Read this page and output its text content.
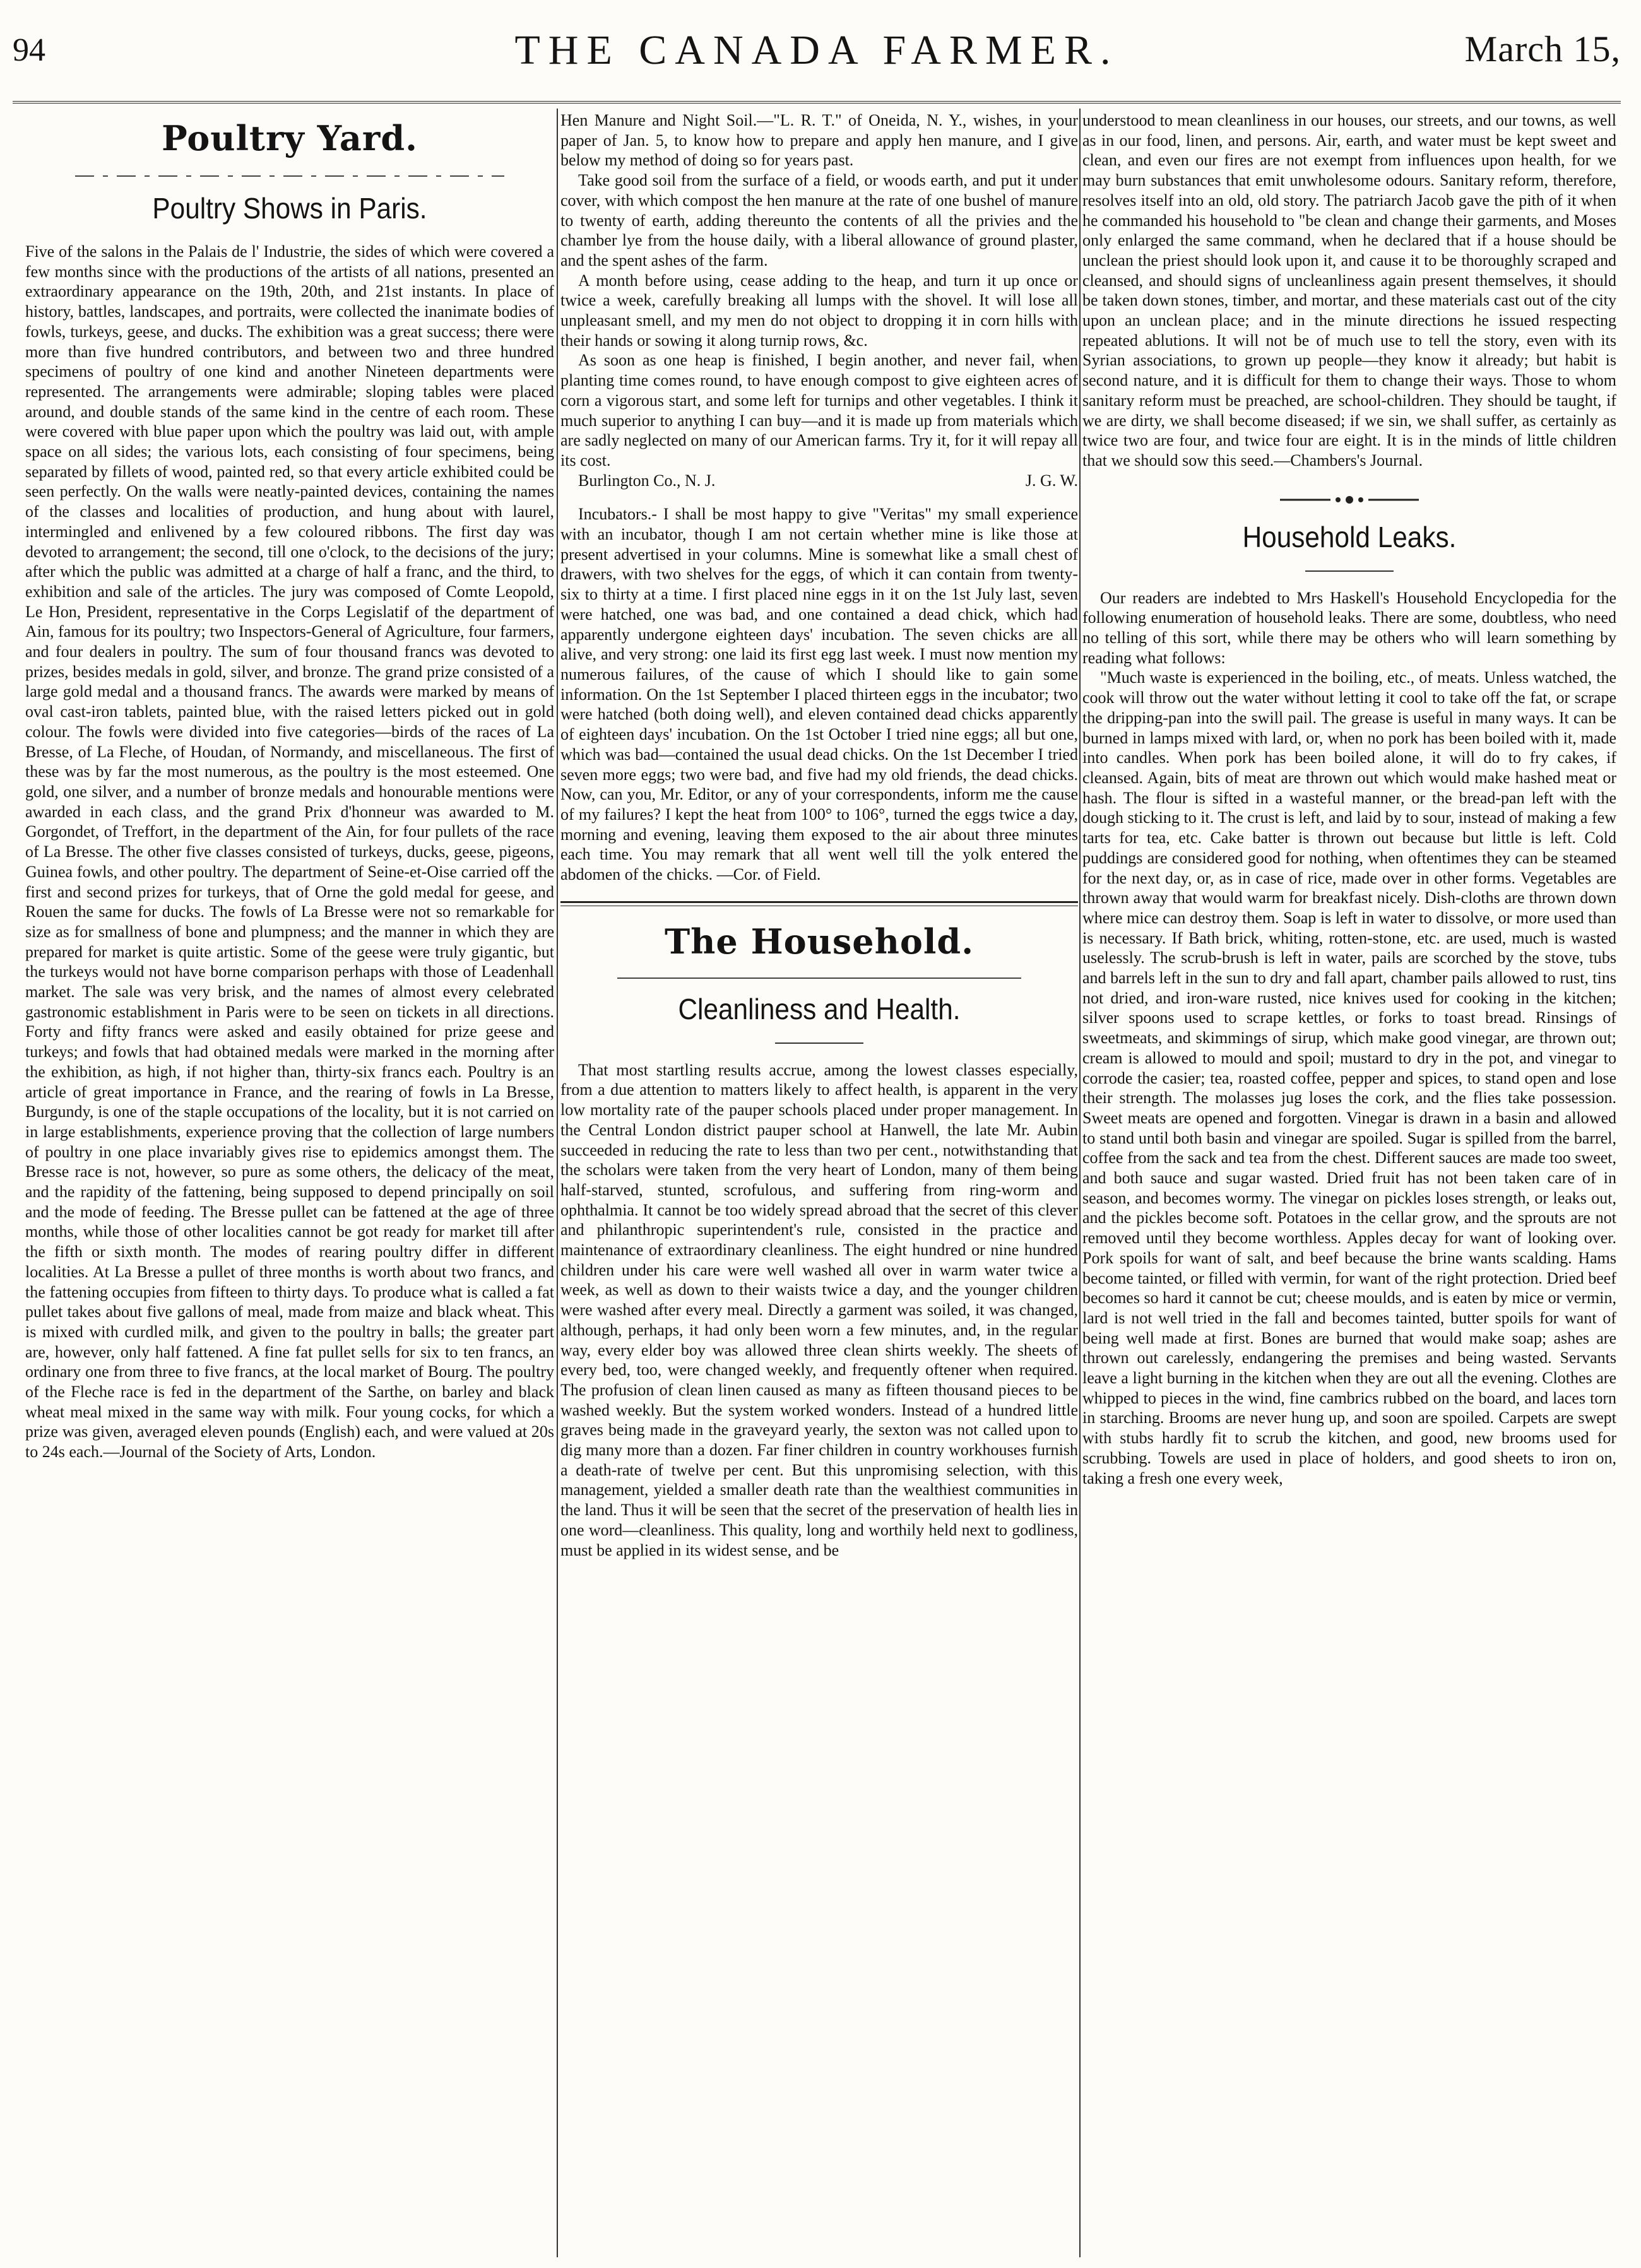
94	THE CANADA FARMER.	March 15,
Poultry Yard.
Poultry Shows in Paris.

Five of the salons in the Palais de l' Industrie, the sides of which were covered a few months since with the productions of the artists of all nations, presented an extraordinary appearance on the 19th, 20th, and 21st instants. In place of history, battles, landscapes, and portraits, were collected the inanimate bodies of fowls, turkeys, geese, and ducks. The exhibition was a great success; there were more than five hundred contributors, and between two and three hundred specimens of poultry of one kind and another Nineteen departments were represented. The arrangements were admirable; sloping tables were placed around, and double stands of the same kind in the centre of each room. These were covered with blue paper upon which the poultry was laid out, with ample space on all sides; the various lots, each consisting of four specimens, being separated by fillets of wood, painted red, so that every article exhibited could be seen perfectly. On the walls were neatly-painted devices, containing the names of the classes and localities of production, and hung about with laurel, intermingled and enlivened by a few coloured ribbons. The first day was devoted to arrangement; the second, till one o'clock, to the decisions of the jury; after which the public was admitted at a charge of half a franc, and the third, to exhibition and sale of the articles. The jury was composed of Comte Leopold, Le Hon, President, representative in the Corps Legislatif of the department of Ain, famous for its poultry; two Inspectors-General of Agriculture, four farmers, and four dealers in poultry. The sum of four thousand francs was devoted to prizes, besides medals in gold, silver, and bronze. The grand prize consisted of a large gold medal and a thousand francs. The awards were marked by means of oval cast-iron tablets, painted blue, with the raised letters picked out in gold colour. The fowls were divided into five categories—birds of the races of La Bresse, of La Fleche, of Houdan, of Normandy, and miscellaneous. The first of these was by far the most numerous, as the poultry is the most esteemed. One gold, one silver, and a number of bronze medals and honourable mentions were awarded in each class, and the grand Prix d'honneur was awarded to M. Gorgondet, of Treffort, in the department of the Ain, for four pullets of the race of La Bresse. The other five classes consisted of turkeys, ducks, geese, pigeons, Guinea fowls, and other poultry. The department of Seine-et-Oise carried off the first and second prizes for turkeys, that of Orne the gold medal for geese, and Rouen the same for ducks. The fowls of La Bresse were not so remarkable for size as for smallness of bone and plumpness; and the manner in which they are prepared for market is quite artistic. Some of the geese were truly gigantic, but the turkeys would not have borne comparison perhaps with those of Leadenhall market. The sale was very brisk, and the names of almost every celebrated gastronomic establishment in Paris were to be seen on tickets in all directions. Forty and fifty francs were asked and easily obtained for prize geese and turkeys; and fowls that had obtained medals were marked in the morning after the exhibition, as high, if not higher than, thirty-six francs each. Poultry is an article of great importance in France, and the rearing of fowls in La Bresse, Burgundy, is one of the staple occupations of the locality, but it is not carried on in large establishments, experience proving that the collection of large numbers of poultry in one place invariably gives rise to epidemics amongst them. The Bresse race is not, however, so pure as some others, the delicacy of the meat, and the rapidity of the fattening, being supposed to depend principally on soil and the mode of feeding. The Bresse pullet can be fattened at the age of three months, while those of other localities cannot be got ready for market till after the fifth or sixth month. The modes of rearing poultry differ in different localities. At La Bresse a pullet of three months is worth about two francs, and the fattening occupies from fifteen to thirty days. To produce what is called a fat pullet takes about five gallons of meal, made from maize and black wheat. This is mixed with curdled milk, and given to the poultry in balls; the greater part are, however, only half fattened. A fine fat pullet sells for six to ten francs, an ordinary one from three to five francs, at the local market of Bourg. The poultry of the Fleche race is fed in the department of the Sarthe, on barley and black wheat meal mixed in the same way with milk. Four young cocks, for which a prize was given, averaged eleven pounds (English) each, and were valued at 20s to 24s each.—Journal of the Society of Arts, London.

Hen Manure and Night Soil.—"L. R. T." of Oneida, N. Y., wishes, in your paper of Jan. 5, to know how to prepare and apply hen manure, and I give below my method of doing so for years past.

Take good soil from the surface of a field, or woods earth, and put it under cover, with which compost the hen manure at the rate of one bushel of manure to twenty of earth, adding thereunto the contents of all the privies and the chamber lye from the house daily, with a liberal allowance of ground plaster, and the spent ashes of the farm.

A month before using, cease adding to the heap, and turn it up once or twice a week, carefully breaking all lumps with the shovel. It will lose all unpleasant smell, and my men do not object to dropping it in corn hills with their hands or sowing it along turnip rows, &c.

As soon as one heap is finished, I begin another, and never fail, when planting time comes round, to have enough compost to give eighteen acres of corn a vigorous start, and some left for turnips and other vegetables. I think it much superior to anything I can buy—and it is made up from materials which are sadly neglected on many of our American farms. Try it, for it will repay all its cost.

Burlington Co., N. J.	J. G. W.

Incubators.- I shall be most happy to give "Veritas" my small experience with an incubator, though I am not certain whether mine is like those at present advertised in your columns. Mine is somewhat like a small chest of drawers, with two shelves for the eggs, of which it can contain from twenty-six to thirty at a time. I first placed nine eggs in it on the 1st July last, seven were hatched, one was bad, and one contained a dead chick, which had apparently undergone eighteen days' incubation. The seven chicks are all alive, and very strong: one laid its first egg last week. I must now mention my numerous failures, of the cause of which I should like to gain some information. On the 1st September I placed thirteen eggs in the incubator; two were hatched (both doing well), and eleven contained dead chicks apparently of eighteen days' incubation. On the 1st October I tried nine eggs; all but one, which was bad—contained the usual dead chicks. On the 1st December I tried seven more eggs; two were bad, and five had my old friends, the dead chicks. Now, can you, Mr. Editor, or any of your correspondents, inform me the cause of my failures? I kept the heat from 100° to 106°, turned the eggs twice a day, morning and evening, leaving them exposed to the air about three minutes each time. You may remark that all went well till the yolk entered the abdomen of the chicks. —Cor. of Field.

The Household.
Cleanliness and Health.

That most startling results accrue, among the lowest classes especially, from a due attention to matters likely to affect health, is apparent in the very low mortality rate of the pauper schools placed under proper management. In the Central London district pauper school at Hanwell, the late Mr. Aubin succeeded in reducing the rate to less than two per cent., notwithstanding that the scholars were taken from the very heart of London, many of them being half-starved, stunted, scrofulous, and suffering from ring-worm and ophthalmia. It cannot be too widely spread abroad that the secret of this clever and philanthropic superintendent's rule, consisted in the practice and maintenance of extraordinary cleanliness. The eight hundred or nine hundred children under his care were well washed all over in warm water twice a week, as well as down to their waists twice a day, and the younger children were washed after every meal. Directly a garment was soiled, it was changed, although, perhaps, it had only been worn a few minutes, and, in the regular way, every elder boy was allowed three clean shirts weekly. The sheets of every bed, too, were changed weekly, and frequently oftener when required. The profusion of clean linen caused as many as fifteen thousand pieces to be washed weekly. But the system worked wonders. Instead of a hundred little graves being made in the graveyard yearly, the sexton was not called upon to dig many more than a dozen. Far finer children in country workhouses furnish a death-rate of twelve per cent. But this unpromising selection, with this management, yielded a smaller death rate than the wealthiest communities in the land. Thus it will be seen that the secret of the preservation of health lies in one word—cleanliness. This quality, long and worthily held next to godliness, must be applied in its widest sense, and be

understood to mean cleanliness in our houses, our streets, and our towns, as well as in our food, linen, and persons. Air, earth, and water must be kept sweet and clean, and even our fires are not exempt from influences upon health, for we may burn substances that emit unwholesome odours. Sanitary reform, therefore, resolves itself into an old, old story. The patriarch Jacob gave the pith of it when he commanded his household to "be clean and change their garments, and Moses only enlarged the same command, when he declared that if a house should be unclean the priest should look upon it, and cause it to be thoroughly scraped and cleansed, and should signs of uncleanliness again present themselves, it should be taken down stones, timber, and mortar, and these materials cast out of the city upon an unclean place; and in the minute directions he issued respecting repeated ablutions. It will not be of much use to tell the story, even with its Syrian associations, to grown up people—they know it already; but habit is second nature, and it is difficult for them to change their ways. Those to whom sanitary reform must be preached, are school-children. They should be taught, if we are dirty, we shall become diseased; if we sin, we shall suffer, as certainly as twice two are four, and twice four are eight. It is in the minds of little children that we should sow this seed.—Chambers's Journal.

Household Leaks.

Our readers are indebted to Mrs Haskell's Household Encyclopedia for the following enumeration of household leaks. There are some, doubtless, who need no telling of this sort, while there may be others who will learn something by reading what follows:

"Much waste is experienced in the boiling, etc., of meats. Unless watched, the cook will throw out the water without letting it cool to take off the fat, or scrape the dripping-pan into the swill pail. The grease is useful in many ways. It can be burned in lamps mixed with lard, or, when no pork has been boiled with it, made into candles. When pork has been boiled alone, it will do to fry cakes, if cleansed. Again, bits of meat are thrown out which would make hashed meat or hash. The flour is sifted in a wasteful manner, or the bread-pan left with the dough sticking to it. The crust is left, and laid by to sour, instead of making a few tarts for tea, etc. Cake batter is thrown out because but little is left. Cold puddings are considered good for nothing, when oftentimes they can be steamed for the next day, or, as in case of rice, made over in other forms. Vegetables are thrown away that would warm for breakfast nicely. Dish-cloths are thrown down where mice can destroy them. Soap is left in water to dissolve, or more used than is necessary. If Bath brick, whiting, rotten-stone, etc. are used, much is wasted uselessly. The scrub-brush is left in water, pails are scorched by the stove, tubs and barrels left in the sun to dry and fall apart, chamber pails allowed to rust, tins not dried, and iron-ware rusted, nice knives used for cooking in the kitchen; silver spoons used to scrape kettles, or forks to toast bread. Rinsings of sweetmeats, and skimmings of sirup, which make good vinegar, are thrown out; cream is allowed to mould and spoil; mustard to dry in the pot, and vinegar to corrode the casier; tea, roasted coffee, pepper and spices, to stand open and lose their strength. The molasses jug loses the cork, and the flies take possession. Sweet meats are opened and forgotten. Vinegar is drawn in a basin and allowed to stand until both basin and vinegar are spoiled. Sugar is spilled from the barrel, coffee from the sack and tea from the chest. Different sauces are made too sweet, and both sauce and sugar wasted. Dried fruit has not been taken care of in season, and becomes wormy. The vinegar on pickles loses strength, or leaks out, and the pickles become soft. Potatoes in the cellar grow, and the sprouts are not removed until they become worthless. Apples decay for want of looking over. Pork spoils for want of salt, and beef because the brine wants scalding. Hams become tainted, or filled with vermin, for want of the right protection. Dried beef becomes so hard it cannot be cut; cheese moulds, and is eaten by mice or vermin, lard is not well tried in the fall and becomes tainted, butter spoils for want of being well made at first. Bones are burned that would make soap; ashes are thrown out carelessly, endangering the premises and being wasted. Servants leave a light burning in the kitchen when they are out all the evening. Clothes are whipped to pieces in the wind, fine cambrics rubbed on the board, and laces torn in starching. Brooms are never hung up, and soon are spoiled. Carpets are swept with stubs hardly fit to scrub the kitchen, and good, new brooms used for scrubbing. Towels are used in place of holders, and good sheets to iron on, taking a fresh one every week,
